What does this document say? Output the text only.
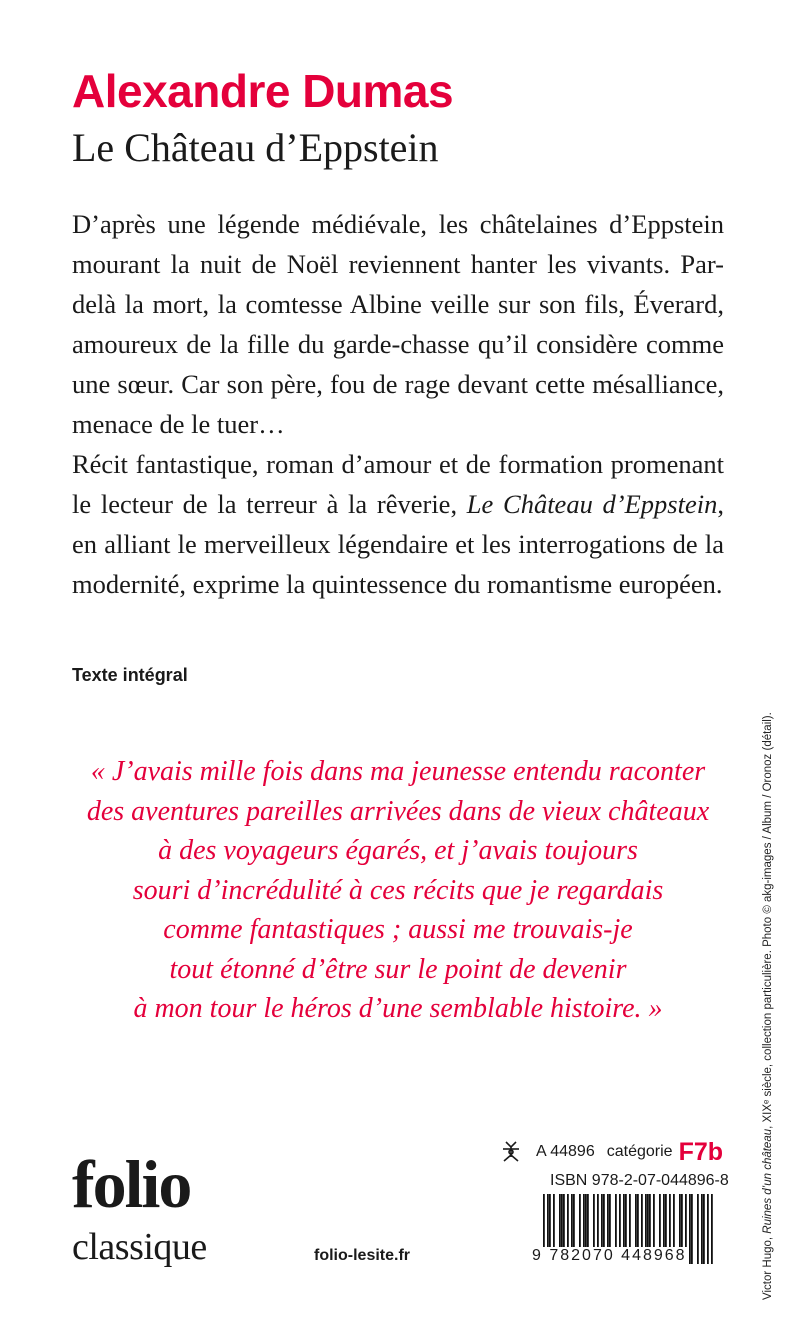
Alexandre Dumas
Le Château d’Eppstein

D’après une légende médiévale, les châtelaines d’Eppstein mourant la nuit de Noël reviennent hanter les vivants. Par-delà la mort, la comtesse Albine veille sur son fils, Éverard, amoureux de la fille du garde-chasse qu’il considère comme une sœur. Car son père, fou de rage devant cette mésalliance, menace de le tuer…

Récit fantastique, roman d’amour et de formation promenant le lecteur de la terreur à la rêverie, Le Château d’Eppstein, en alliant le merveilleux légendaire et les interrogations de la modernité, exprime la quintessence du romantisme européen.

Texte intégral
« J’avais mille fois dans ma jeunesse entendu raconter
des aventures pareilles arrivées dans de vieux châteaux
à des voyageurs égarés, et j’avais toujours
souri d’incrédulité à ces récits que je regardais
comme fantastiques ; aussi me trouvais-je
tout étonné d’être sur le point de devenir
à mon tour le héros d’une semblable histoire. »
Victor Hugo, Ruines d’un château, XIXᵉ siècle, collection particulière. Photo © akg-images / Album / Oronoz (détail).
folio
classique	folio-lesite.fr
A 44896 catégorie F7b
ISBN 978-2-07-044896-8
9 782070 448968
